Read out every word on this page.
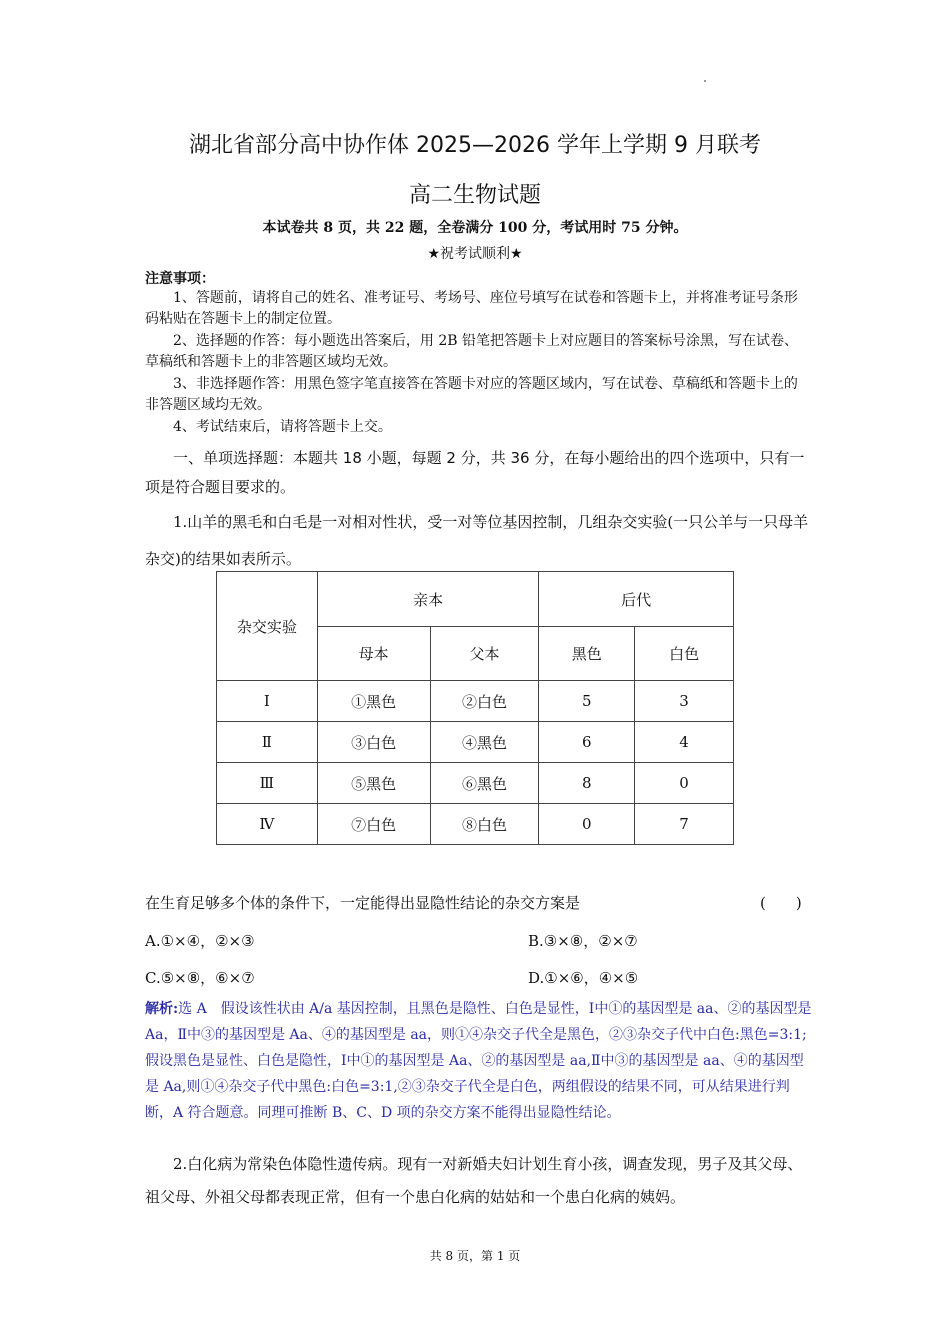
湖北省部分高中协作体 2025—2026 学年上学期 9 月联考
高二生物试题
本试卷共 8 页，共 22 题，全卷满分 100 分，考试用时 75 分钟。
★祝考试顺利★
注意事项：
1、答题前，请将自己的姓名、准考证号、考场号、座位号填写在试卷和答题卡上，并将准考证号条形码粘贴在答题卡上的制定位置。
2、选择题的作答：每小题选出答案后，用 2B 铅笔把答题卡上对应题目的答案标号涂黑，写在试卷、草稿纸和答题卡上的非答题区域均无效。
3、非选择题作答：用黑色签字笔直接答在答题卡对应的答题区域内，写在试卷、草稿纸和答题卡上的非答题区域均无效。
4、考试结束后，请将答题卡上交。
一、单项选择题：本题共 18 小题，每题 2 分，共 36 分，在每小题给出的四个选项中，只有一项是符合题目要求的。
1.山羊的黑毛和白毛是一对相对性状，受一对等位基因控制，几组杂交实验(一只公羊与一只母羊杂交)的结果如表所示。
杂交实验	亲本		后代	
	母本	父本	黑色	白色
Ⅰ	①黑色	②白色	5	3
Ⅱ	③白色	④黑色	6	4
Ⅲ	⑤黑色	⑥黑色	8	0
Ⅳ	⑦白色	⑧白色	0	7
在生育足够多个体的条件下，一定能得出显隐性结论的杂交方案是	(　　)
A.①×④，②×③	B.③×⑧，②×⑦
C.⑤×⑧，⑥×⑦	D.①×⑥，④×⑤
解析:选 A　假设该性状由 A/a 基因控制，且黑色是隐性、白色是显性，Ⅰ中①的基因型是 aa、②的基因型是 Aa，Ⅱ中③的基因型是 Aa、④的基因型是 aa，则①④杂交子代全是黑色，②③杂交子代中白色:黑色=3:1;假设黑色是显性、白色是隐性，Ⅰ中①的基因型是 Aa、②的基因型是 aa,Ⅱ中③的基因型是 aa、④的基因型是 Aa,则①④杂交子代中黑色:白色=3:1,②③杂交子代全是白色，两组假设的结果不同，可从结果进行判断，A 符合题意。同理可推断 B、C、D 项的杂交方案不能得出显隐性结论。
2.白化病为常染色体隐性遗传病。现有一对新婚夫妇计划生育小孩，调查发现，男子及其父母、祖父母、外祖父母都表现正常，但有一个患白化病的姑姑和一个患白化病的姨妈。
共 8 页，第 1 页
